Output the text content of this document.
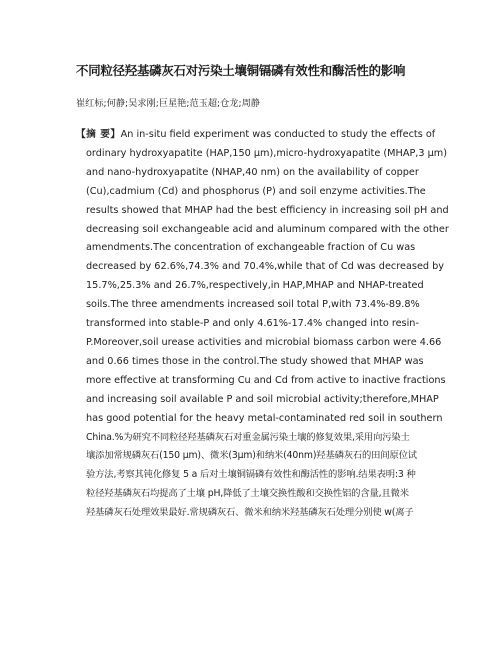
不同粒径羟基磷灰石对污染土壤铜镉磷有效性和酶活性的影响
崔红标;何静;吴求刚;巨星艳;范玉超;仓龙;周静
【摘 要】An in-situ field experiment was conducted to study the effects of
ordinary hydroxyapatite (HAP,150 μm),micro-hydroxyapatite (MHAP,3 μm)
and nano-hydroxyapatite (NHAP,40 nm) on the availability of copper
(Cu),cadmium (Cd) and phosphorus (P) and soil enzyme activities.The
results showed that MHAP had the best efficiency in increasing soil pH and
decreasing soil exchangeable acid and aluminum compared with the other
amendments.The concentration of exchangeable fraction of Cu was
decreased by 62.6%,74.3% and 70.4%,while that of Cd was decreased by
15.7%,25.3% and 26.7%,respectively,in HAP,MHAP and NHAP-treated
soils.The three amendments increased soil total P,with 73.4%-89.8%
transformed into stable-P and only 4.61%-17.4% changed into resin-
P.Moreover,soil urease activities and microbial biomass carbon were 4.66
and 0.66 times those in the control.The study showed that MHAP was
more effective at transforming Cu and Cd from active to inactive fractions
and increasing soil available P and soil microbial activity;therefore,MHAP
has good potential for the heavy metal-contaminated red soil in southern
China.%为研究不同粒径羟基磷灰石对重金属污染土壤的修复效果,采用向污染土
壤添加常规磷灰石(150 μm)、微米(3μm)和纳米(40nm)羟基磷灰石的田间原位试
验方法,考察其钝化修复 5 a 后对土壤铜镉磷有效性和酶活性的影响.结果表明:3 种
粒径羟基磷灰石均提高了土壤 pH,降低了土壤交换性酸和交换性铝的含量,且微米
羟基磷灰石处理效果最好.常规磷灰石、微米和纳米羟基磷灰石处理分别使 w(离子
